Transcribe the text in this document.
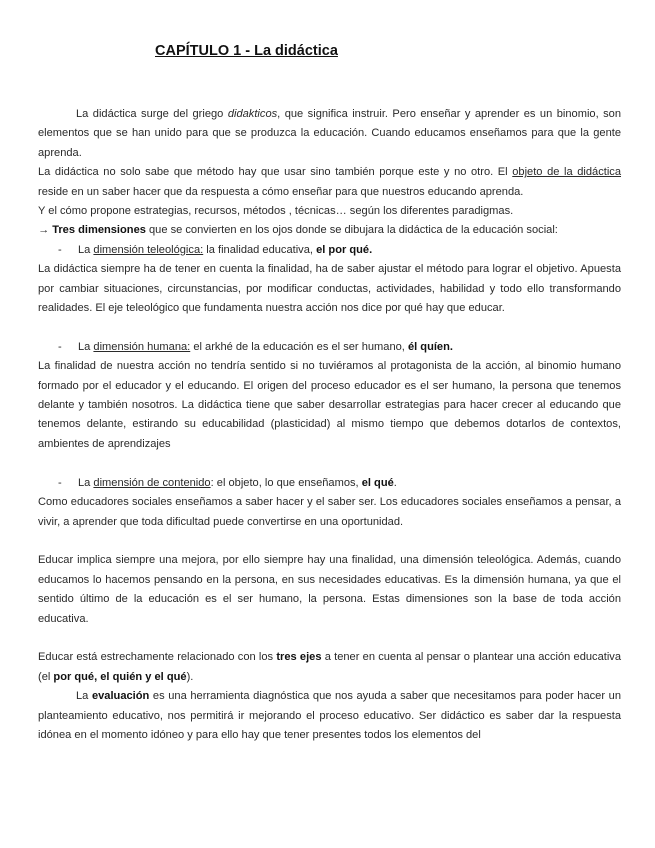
CAPÍTULO 1 - La didáctica

La didáctica surge del griego didakticos, que significa instruir. Pero enseñar y aprender es un binomio, son elementos que se han unido para que se produzca la educación. Cuando educamos enseñamos para que la gente aprenda.

La didáctica no solo sabe que método hay que usar sino también porque este y no otro. El objeto de la didáctica reside en un saber hacer que da respuesta a cómo enseñar para que nuestros educando aprenda.

Y el cómo propone estrategias, recursos, métodos , técnicas… según los diferentes paradigmas.

→ Tres dimensiones que se convierten en los ojos donde se dibujara la didáctica de la educación social:

- La dimensión teleológica: la finalidad educativa, el por qué.

La didáctica siempre ha de tener en cuenta la finalidad, ha de saber ajustar el método para lograr el objetivo. Apuesta por cambiar situaciones, circunstancias, por modificar conductas, actividades, habilidad y todo ello transformando realidades. El eje teleológico que fundamenta nuestra acción nos dice por qué hay que educar.

- La dimensión humana: el arkhé de la educación es el ser humano, él quíen.

La finalidad de nuestra acción no tendría sentido si no tuviéramos al protagonista de la acción, al binomio humano formado por el educador y el educando. El origen del proceso educador es el ser humano, la persona que tenemos delante y también nosotros. La didáctica tiene que saber desarrollar estrategias para hacer crecer al educando que tenemos delante, estirando su educabilidad (plasticidad) al mismo tiempo que debemos dotarlos de contextos, ambientes de aprendizajes

- La dimensión de contenido: el objeto, lo que enseñamos, el qué.

Como educadores sociales enseñamos a saber hacer y el saber ser. Los educadores sociales enseñamos a pensar, a vivir, a aprender que toda dificultad puede convertirse en una oportunidad.

Educar implica siempre una mejora, por ello siempre hay una finalidad, una dimensión teleológica. Además, cuando educamos lo hacemos pensando en la persona, en sus necesidades educativas. Es la dimensión humana, ya que el sentido último de la educación es el ser humano, la persona. Estas dimensiones son la base de toda acción educativa.

Educar está estrechamente relacionado con los tres ejes a tener en cuenta al pensar o plantear una acción educativa (el por qué, el quién y el qué).

La evaluación es una herramienta diagnóstica que nos ayuda a saber que necesitamos para poder hacer un planteamiento educativo, nos permitirá ir mejorando el proceso educativo. Ser didáctico es saber dar la respuesta idónea en el momento idóneo y para ello hay que tener presentes todos los elementos del
